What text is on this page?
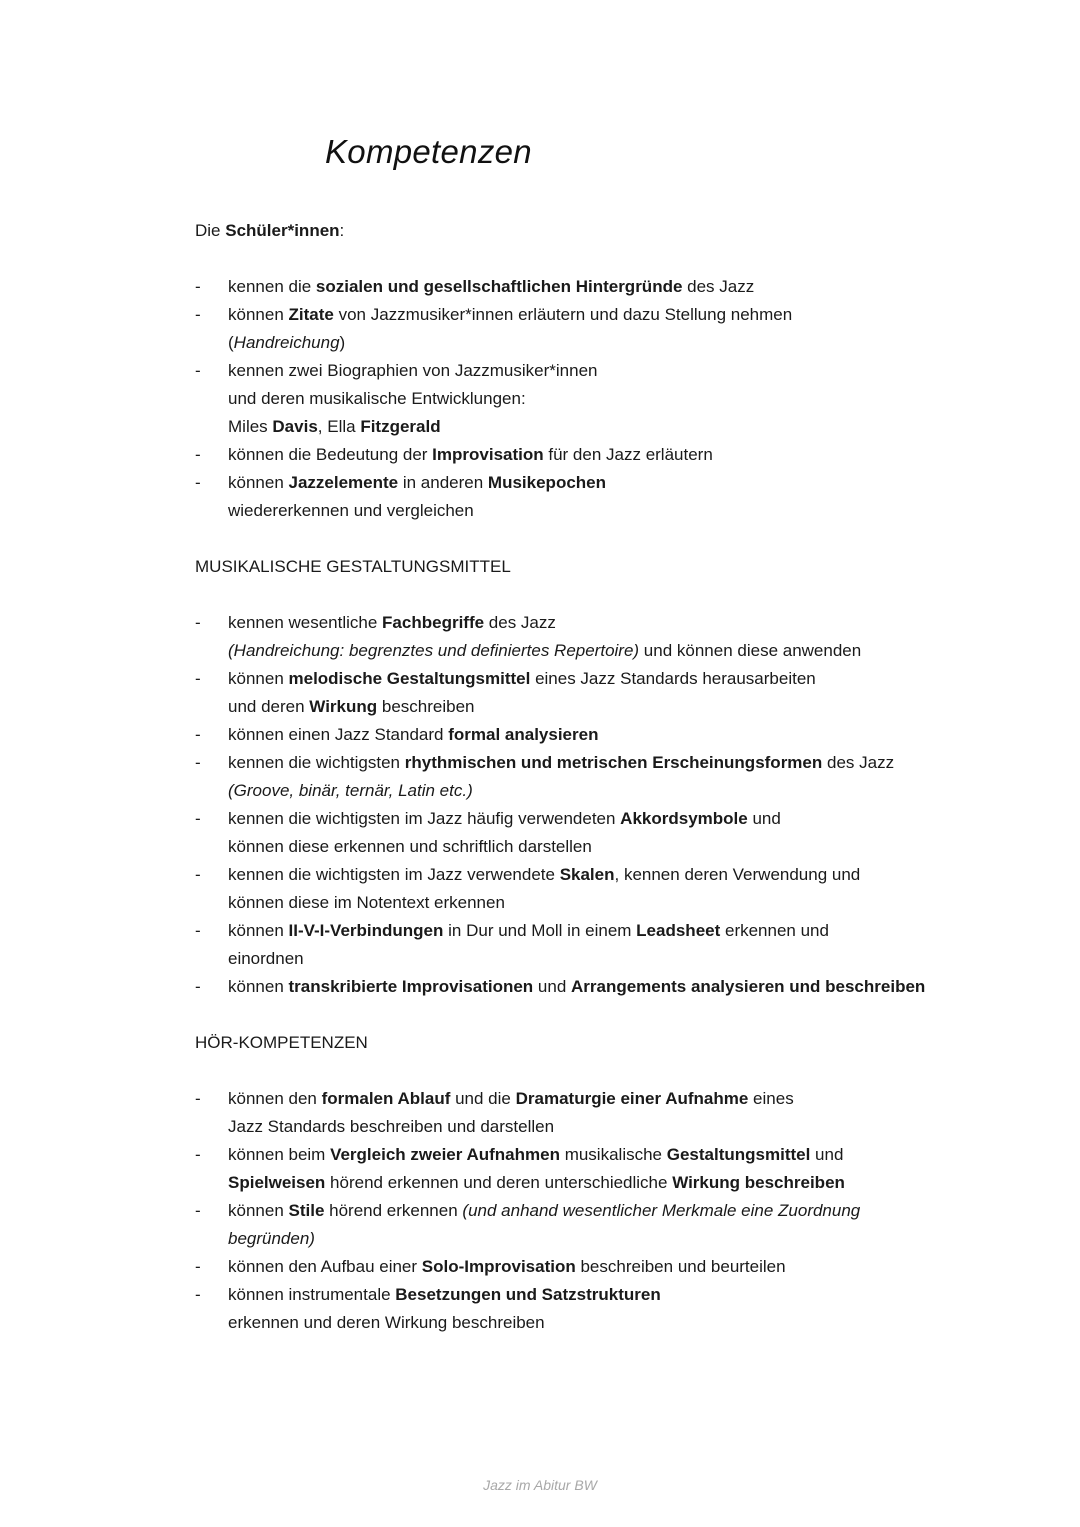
Kompetenzen
Die Schüler*innen:
- kennen die sozialen und gesellschaftlichen Hintergründe des Jazz
- können Zitate von Jazzmusiker*innen erläutern und dazu Stellung nehmen
(Handreichung)
- kennen zwei Biographien von Jazzmusiker*innen
und deren musikalische Entwicklungen:
Miles Davis, Ella Fitzgerald
- können die Bedeutung der Improvisation für den Jazz erläutern
- können Jazzelemente in anderen Musikepochen
wiedererkennen und vergleichen
MUSIKALISCHE GESTALTUNGSMITTEL
- kennen wesentliche Fachbegriffe des Jazz
(Handreichung: begrenztes und definiertes Repertoire) und können diese anwenden
- können melodische Gestaltungsmittel eines Jazz Standards herausarbeiten
und deren Wirkung beschreiben
- können einen Jazz Standard formal analysieren
- kennen die wichtigsten rhythmischen und metrischen Erscheinungsformen des Jazz
(Groove, binär, ternär, Latin etc.)
- kennen die wichtigsten im Jazz häufig verwendeten Akkordsymbole und
können diese erkennen und schriftlich darstellen
- kennen die wichtigsten im Jazz verwendete Skalen, kennen deren Verwendung und
können diese im Notentext erkennen
- können II-V-I-Verbindungen in Dur und Moll in einem Leadsheet erkennen und
einordnen
- können transkribierte Improvisationen und Arrangements analysieren und beschreiben
HÖR-KOMPETENZEN
- können den formalen Ablauf und die Dramaturgie einer Aufnahme eines
Jazz Standards beschreiben und darstellen
- können beim Vergleich zweier Aufnahmen musikalische Gestaltungsmittel und
Spielweisen hörend erkennen und deren unterschiedliche Wirkung beschreiben
- können Stile hörend erkennen (und anhand wesentlicher Merkmale eine Zuordnung
begründen)
- können den Aufbau einer Solo-Improvisation beschreiben und beurteilen
- können instrumentale Besetzungen und Satzstrukturen
erkennen und deren Wirkung beschreiben
Jazz im Abitur BW
